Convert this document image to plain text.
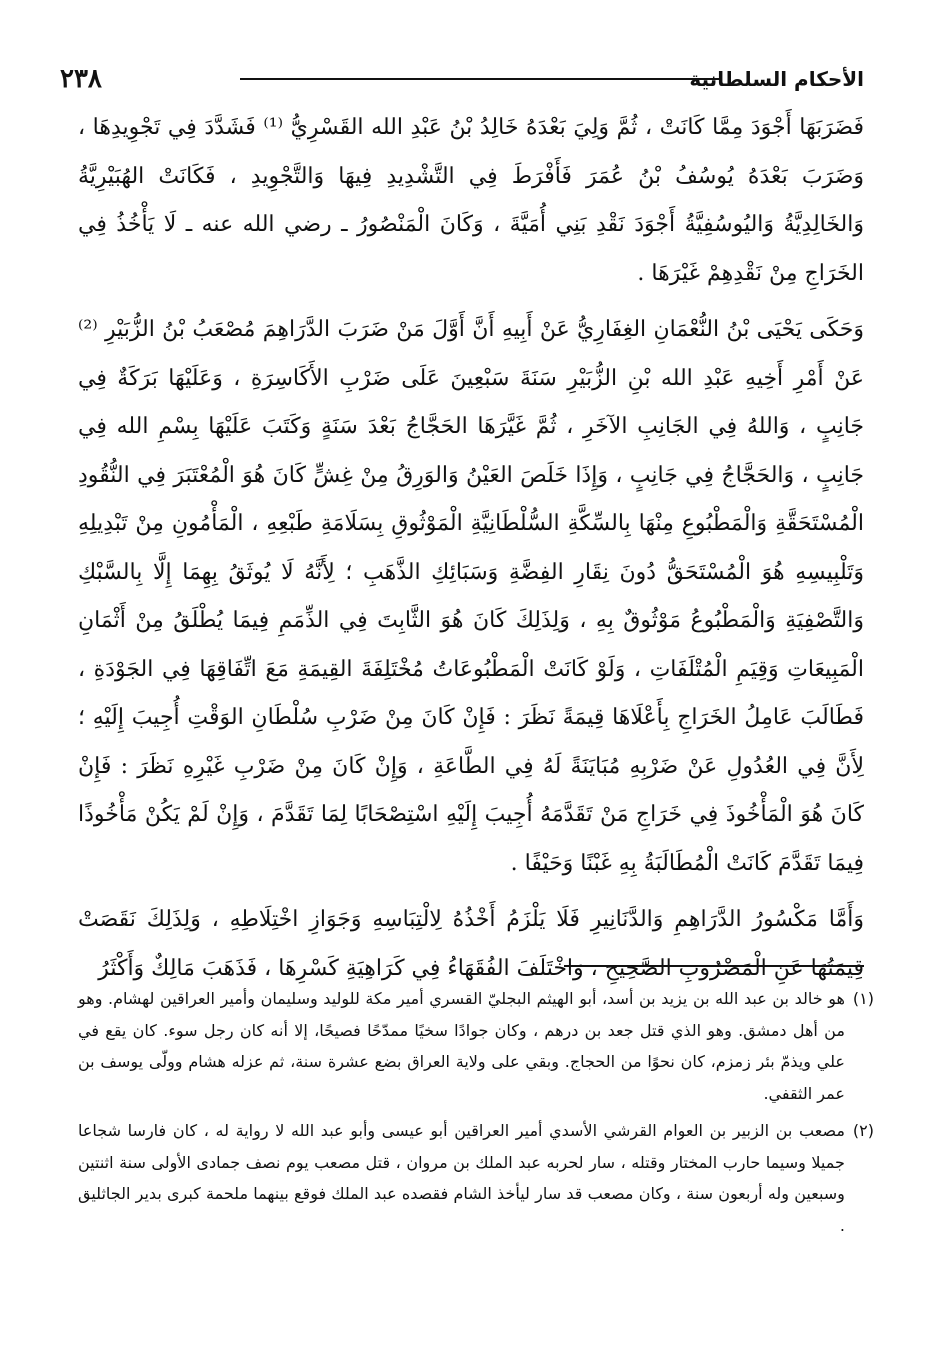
الأحكام السلطانية
٢٣٨

فَضَرَبَهَا أَجْوَدَ مِمَّا كَانَتْ ، ثُمَّ وَلِيَ بَعْدَهُ خَالِدُ بْنُ عَبْدِ الله القَسْرِيُّ ⁽¹⁾ فَشَدَّدَ فِي تَجْوِيدِهَا ، وَضَرَبَ بَعْدَهُ يُوسُفُ بْنُ عُمَرَ فَأَفْرَطَ فِي التَّشْدِيدِ فِيهَا وَالتَّجْوِيدِ ، فَكَانَتْ الهُبَيْرِيَّةُ وَالخَالِدِيَّةُ وَاليُوسُفِيَّةُ أَجْوَدَ نَقْدِ بَنِي أُمَيَّةَ ، وَكَانَ الْمَنْصُورُ ـ رضي الله عنه ـ لَا يَأْخُذُ فِي الخَرَاجِ مِنْ نَقْدِهِمْ غَيْرَهَا .

وَحَكَى يَحْيَى بْنُ النُّعْمَانِ الغِفَارِيُّ عَنْ أَبِيهِ أَنَّ أَوَّلَ مَنْ ضَرَبَ الدَّرَاهِمَ مُصْعَبُ بْنُ الزُّبَيْرِ ⁽²⁾ عَنْ أَمْرِ أَخِيهِ عَبْدِ الله بْنِ الزُّبَيْرِ سَنَةَ سَبْعِينَ عَلَى ضَرْبِ الأَكَاسِرَةِ ، وَعَلَيْهَا بَرَكَةٌ فِي جَانِبٍ ، وَاللهُ فِي الجَانِبِ الآخَرِ ، ثُمَّ غَيَّرَهَا الحَجَّاجُ بَعْدَ سَنَةٍ وَكَتَبَ عَلَيْهَا بِسْمِ الله فِي جَانِبٍ ، وَالحَجَّاجُ فِي جَانِبٍ ، وَإِذَا خَلَصَ العَيْنُ وَالوَرِقُ مِنْ غِشٍّ كَانَ هُوَ الْمُعْتَبَرَ فِي النُّقُودِ الْمُسْتَحَقَّةِ وَالْمَطْبُوعِ مِنْهَا بِالسِّكَّةِ السُّلْطَانِيَّةِ الْمَوْثُوقِ بِسَلَامَةِ طَبْعِهِ ، الْمَأْمُونِ مِنْ تَبْدِيلِهِ وَتَلْبِيسِهِ هُوَ الْمُسْتَحَقُّ دُونَ نِقَارِ الفِضَّةِ وَسَبَائِكِ الذَّهَبِ ؛ لِأَنَّهُ لَا يُوثَقُ بِهِمَا إِلَّا بِالسَّبْكِ وَالتَّصْفِيَةِ وَالْمَطْبُوعُ مَوْثُوقٌ بِهِ ، وَلِذَلِكَ كَانَ هُوَ الثَّابِتَ فِي الذِّمَمِ فِيمَا يُطْلَقُ مِنْ أَثْمَانِ الْمَبِيعَاتِ وَقِيَمِ الْمُتْلَفَاتِ ، وَلَوْ كَانَتْ الْمَطْبُوعَاتُ مُخْتَلِفَةَ القِيمَةِ مَعَ اتِّفَاقِهَا فِي الجَوْدَةِ ، فَطَالَبَ عَامِلُ الخَرَاجِ بِأَعْلَاهَا قِيمَةً نَظَرَ : فَإِنْ كَانَ مِنْ ضَرْبِ سُلْطَانِ الوَقْتِ أُجِيبَ إِلَيْهِ ؛ لِأَنَّ فِي العُدُولِ عَنْ ضَرْبِهِ مُبَايَنَةً لَهُ فِي الطَّاعَةِ ، وَإِنْ كَانَ مِنْ ضَرْبِ غَيْرِهِ نَظَرَ : فَإِنْ كَانَ هُوَ الْمَأْخُوذَ فِي خَرَاجِ مَنْ تَقَدَّمَهُ أُجِيبَ إِلَيْهِ اسْتِصْحَابًا لِمَا تَقَدَّمَ ، وَإِنْ لَمْ يَكُنْ مَأْخُوذًا فِيمَا تَقَدَّمَ كَانَتْ الْمُطَالَبَةُ بِهِ غَبْنًا وَحَيْفًا .

وَأَمَّا مَكْسُورُ الدَّرَاهِمِ وَالدَّنَانِيرِ فَلَا يَلْزَمُ أَخْذُهُ لِالْتِبَاسِهِ وَجَوَازِ اخْتِلَاطِهِ ، وَلِذَلِكَ نَقَصَتْ قِيمَتُهَا عَنِ الْمَضْرُوبِ الصَّحِيحِ ، وَاخْتَلَفَ الفُقَهَاءُ فِي كَرَاهِيَةِ كَسْرِهَا ، فَذَهَبَ مَالِكٌ وَأَكْثَرُ

(١)
هو خالد بن عبد الله بن يزيد بن أسد، أبو الهيثم البجليّ القسري أمير مكة للوليد وسليمان وأمير العراقين لهشام. وهو من أهل دمشق. وهو الذي قتل جعد بن درهم ، وكان جوادًا سخيًا ممدّحًا فصيحًا، إلا أنه كان رجل سوء. كان يقع في علي ويذمّ بئر زمزم، كان نحوًا من الحجاج. وبقي على ولاية العراق بضع عشرة سنة، ثم عزله هشام وولّى يوسف بن عمر الثقفي.
(٢)
مصعب بن الزبير بن العوام القرشي الأسدي أمير العراقين أبو عيسى وأبو عبد الله لا رواية له ، كان فارسا شجاعا جميلا وسيما حارب المختار وقتله ، سار لحربه عبد الملك بن مروان ، قتل مصعب يوم نصف جمادى الأولى سنة اثنتين وسبعين وله أربعون سنة ، وكان مصعب قد سار ليأخذ الشام فقصده عبد الملك فوقع بينهما ملحمة كبرى بدير الجاثليق .
